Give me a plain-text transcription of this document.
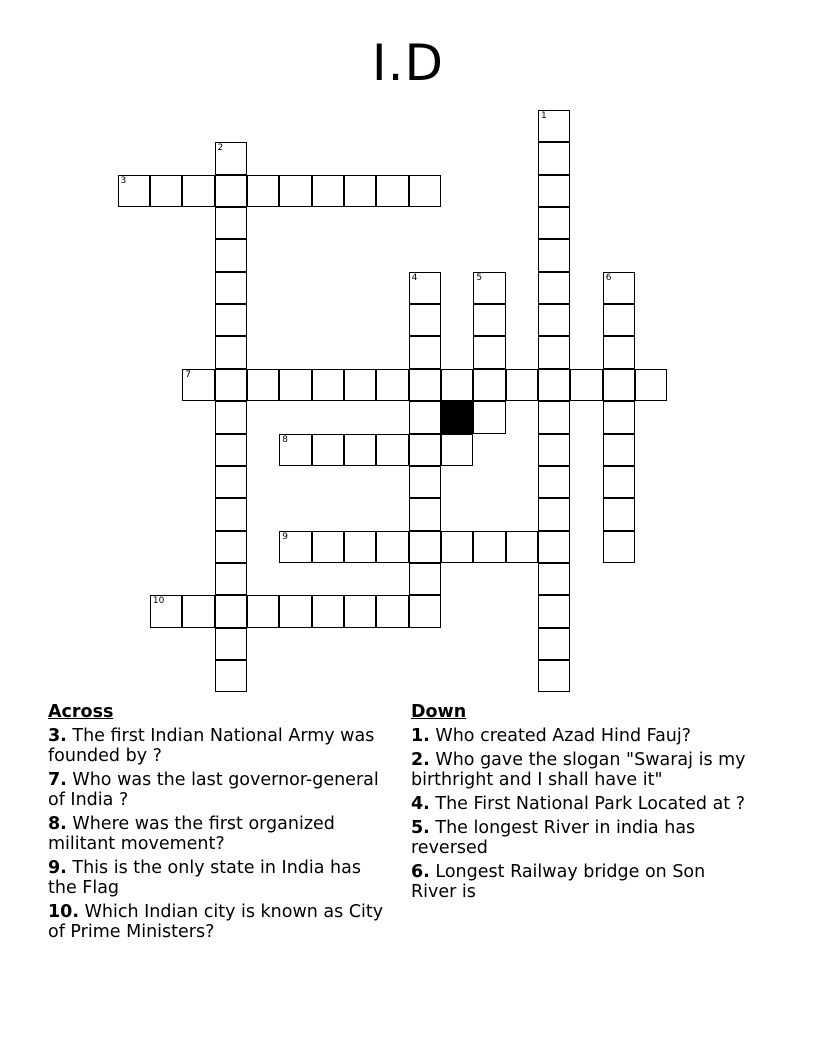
I.D
1
2
3
4	5	6
7
8
9
10
Across
3. The first Indian National Army was founded by ?
7. Who was the last governor-general of India ?
8. Where was the first organized militant movement?
9. This is the only state in India has the Flag
10. Which Indian city is known as City of Prime Ministers?
Down
1. Who created Azad Hind Fauj?
2. Who gave the slogan "Swaraj is my birthright and I shall have it"
4. The First National Park Located at ?
5. The longest River in india has reversed
6. Longest Railway bridge on Son River is
